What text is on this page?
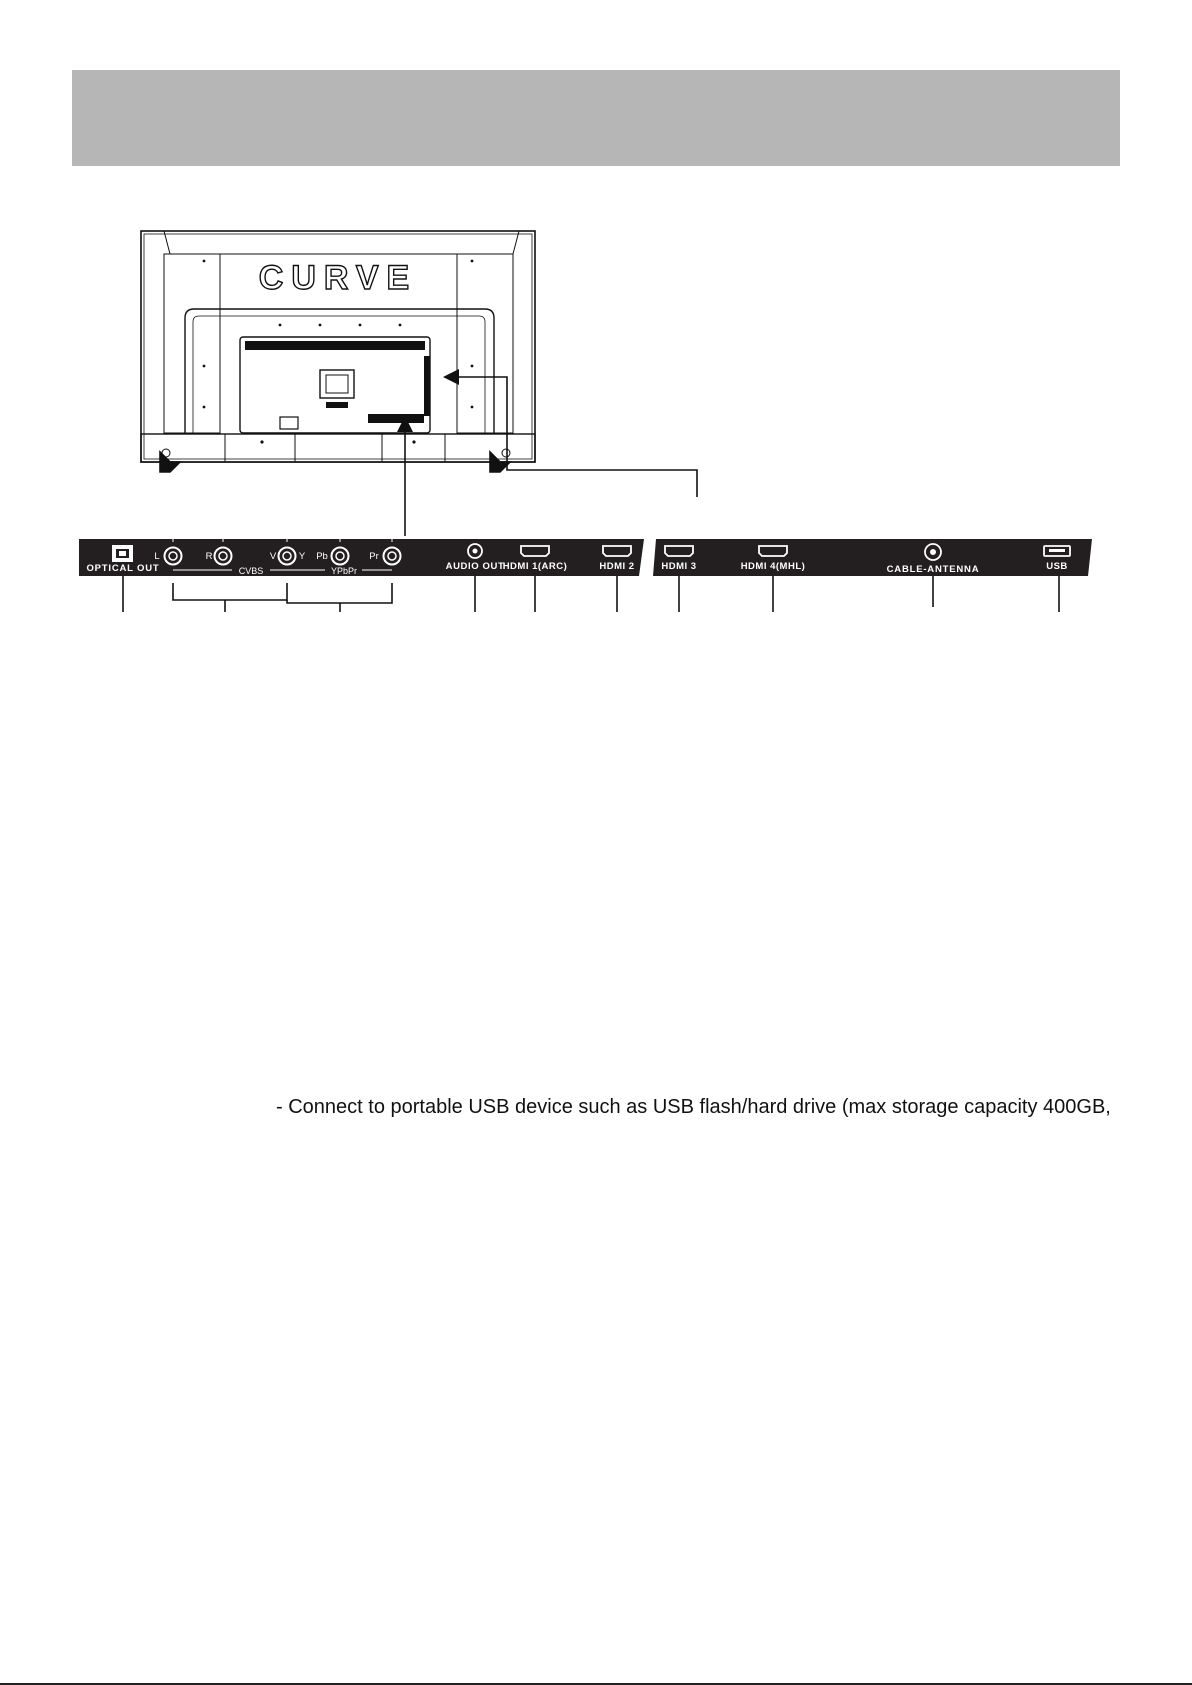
CURVE
OPTICAL OUT
L	R	V Y Pb	Pr
CVBS	YPbPr	AUDIO OUT
HDMI 1(ARC)	HDMI 2	HDMI 3	HDMI 4(MHL)	CABLE-ANTENNA	USB

- Connect to portable USB device such as USB flash/hard drive (max storage capacity 400GB,
